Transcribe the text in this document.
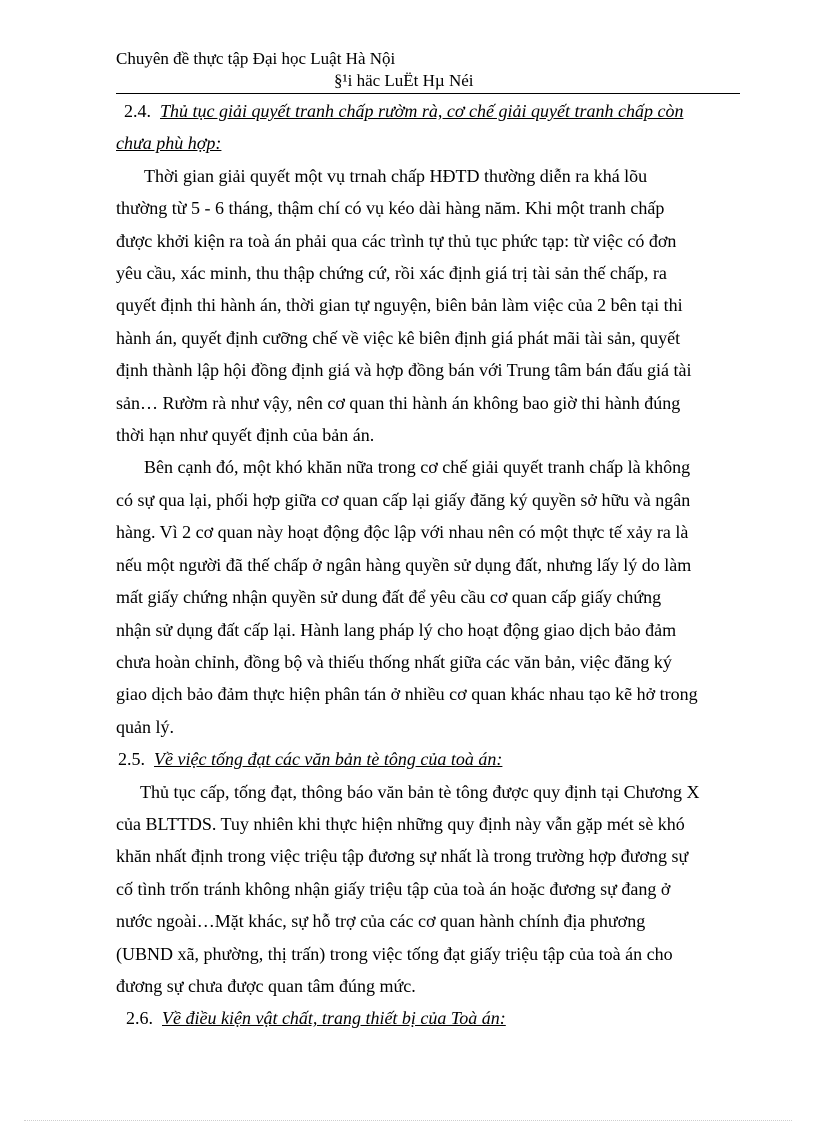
Chuyên đề thực tập Đại học Luật Hà Nội
§¹i häc LuËt Hµ Néi
2.4. Thủ tục giải quyết tranh chấp rườm rà, cơ chế giải quyết tranh chấp còn
chưa phù hợp:
Thời gian giải quyết một vụ trnah chấp HĐTD thường diễn ra khá lõu
thường từ 5 - 6 tháng, thậm chí có vụ kéo dài hàng năm. Khi một tranh chấp
được khởi kiện ra toà án phải qua các trình tự thủ tục phức tạp: từ việc có đơn
yêu cầu, xác minh, thu thập chứng cứ, rồi xác định giá trị tài sản thế chấp, ra
quyết định thi hành án, thời gian tự nguyện, biên bản làm việc của 2 bên tại thi
hành án, quyết định cưỡng chế về việc kê biên định giá phát mãi tài sản, quyết
định thành lập hội đồng định giá và hợp đồng bán với Trung tâm bán đấu giá tài
sản… Rườm rà như vậy, nên cơ quan thi hành án không bao giờ thi hành đúng
thời hạn như quyết định của bản án.
Bên cạnh đó, một khó khăn nữa trong cơ chế giải quyết tranh chấp là không
có sự qua lại, phối hợp giữa cơ quan cấp lại giấy đăng ký quyền sở hữu và ngân
hàng. Vì 2 cơ quan này hoạt động độc lập với nhau nên có một thực tế xảy ra là
nếu một người đã thế chấp ở ngân hàng quyền sử dụng đất, nhưng lấy lý do làm
mất giấy chứng nhận quyền sử dung đất để yêu cầu cơ quan cấp giấy chứng
nhận sử dụng đất cấp lại. Hành lang pháp lý cho hoạt động giao dịch bảo đảm
chưa hoàn chỉnh, đồng bộ và thiếu thống nhất giữa các văn bản, việc đăng ký
giao dịch bảo đảm thực hiện phân tán ở nhiều cơ quan khác nhau tạo kẽ hở trong
quản lý.
2.5. Về việc tống đạt các văn bản tè tông của toà án:
Thủ tục cấp, tống đạt, thông báo văn bản tè tông được quy định tại Chương X
của BLTTDS. Tuy nhiên khi thực hiện những quy định này vẫn gặp mét sè khó
khăn nhất định trong việc triệu tập đương sự nhất là trong trường hợp đương sự
cố tình trốn tránh không nhận giấy triệu tập của toà án hoặc đương sự đang ở
nước ngoài…Mặt khác, sự hỗ trợ của các cơ quan hành chính địa phương
(UBND xã, phường, thị trấn) trong việc tống đạt giấy triệu tập của toà án cho
đương sự chưa được quan tâm đúng mức.
2.6. Về điều kiện vật chất, trang thiết bị của Toà án:
